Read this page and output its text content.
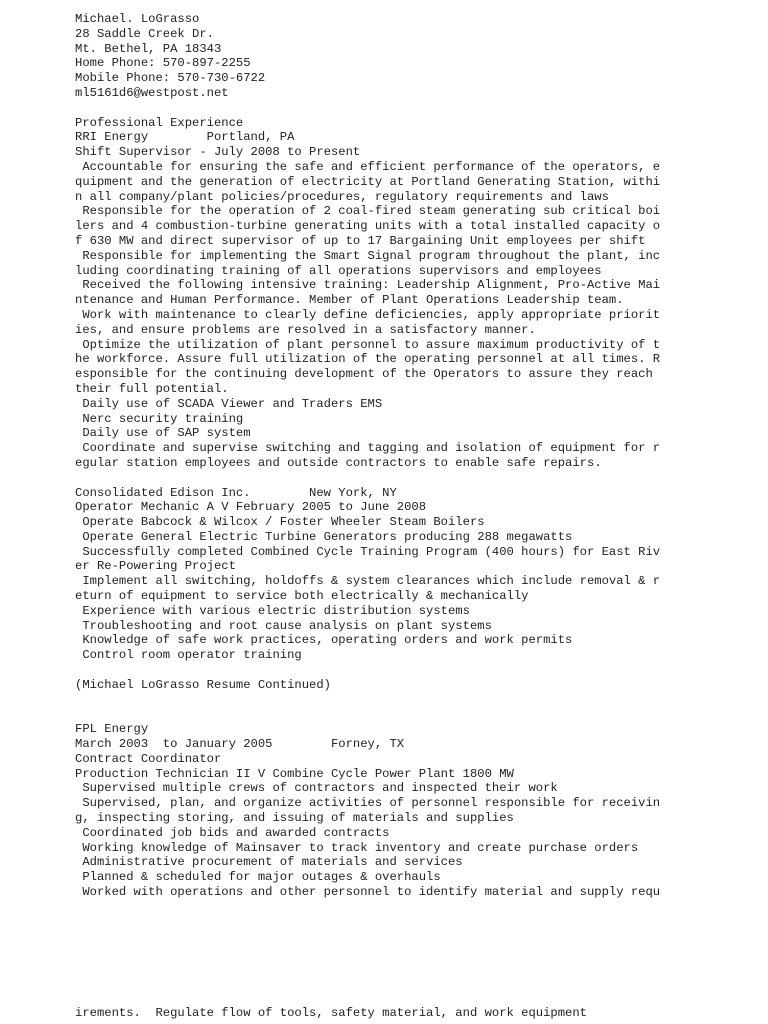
Michael. LoGrasso
28 Saddle Creek Dr.
Mt. Bethel, PA 18343
Home Phone: 570-897-2255
Mobile Phone: 570-730-6722
ml5161d6@westpost.net
Professional Experience
RRI Energy        Portland, PA
Shift Supervisor - July 2008 to Present
Accountable for ensuring the safe and efficient performance of the operators, e
quipment and the generation of electricity at Portland Generating Station, withi
n all company/plant policies/procedures, regulatory requirements and laws
Responsible for the operation of 2 coal-fired steam generating sub critical boi
lers and 4 combustion-turbine generating units with a total installed capacity o
f 630 MW and direct supervisor of up to 17 Bargaining Unit employees per shift
Responsible for implementing the Smart Signal program throughout the plant, inc
luding coordinating training of all operations supervisors and employees
Received the following intensive training: Leadership Alignment, Pro-Active Mai
ntenance and Human Performance. Member of Plant Operations Leadership team.
Work with maintenance to clearly define deficiencies, apply appropriate priorit
ies, and ensure problems are resolved in a satisfactory manner.
Optimize the utilization of plant personnel to assure maximum productivity of t
he workforce. Assure full utilization of the operating personnel at all times. R
esponsible for the continuing development of the Operators to assure they reach
their full potential.
Daily use of SCADA Viewer and Traders EMS
Nerc security training
Daily use of SAP system
Coordinate and supervise switching and tagging and isolation of equipment for r
egular station employees and outside contractors to enable safe repairs.
Consolidated Edison Inc.        New York, NY
Operator Mechanic A V February 2005 to June 2008
Operate Babcock & Wilcox / Foster Wheeler Steam Boilers
Operate General Electric Turbine Generators producing 288 megawatts
Successfully completed Combined Cycle Training Program (400 hours) for East Riv
er Re-Powering Project
Implement all switching, holdoffs & system clearances which include removal & r
eturn of equipment to service both electrically & mechanically
Experience with various electric distribution systems
Troubleshooting and root cause analysis on plant systems
Knowledge of safe work practices, operating orders and work permits
Control room operator training
(Michael LoGrasso Resume Continued)
FPL Energy
March 2003  to January 2005        Forney, TX
Contract Coordinator
Production Technician II V Combine Cycle Power Plant 1800 MW
Supervised multiple crews of contractors and inspected their work
Supervised, plan, and organize activities of personnel responsible for receivin
g, inspecting storing, and issuing of materials and supplies
Coordinated job bids and awarded contracts
Working knowledge of Mainsaver to track inventory and create purchase orders
Administrative procurement of materials and services
Planned & scheduled for major outages & overhauls
Worked with operations and other personnel to identify material and supply requ
irements.  Regulate flow of tools, safety material, and work equipment
